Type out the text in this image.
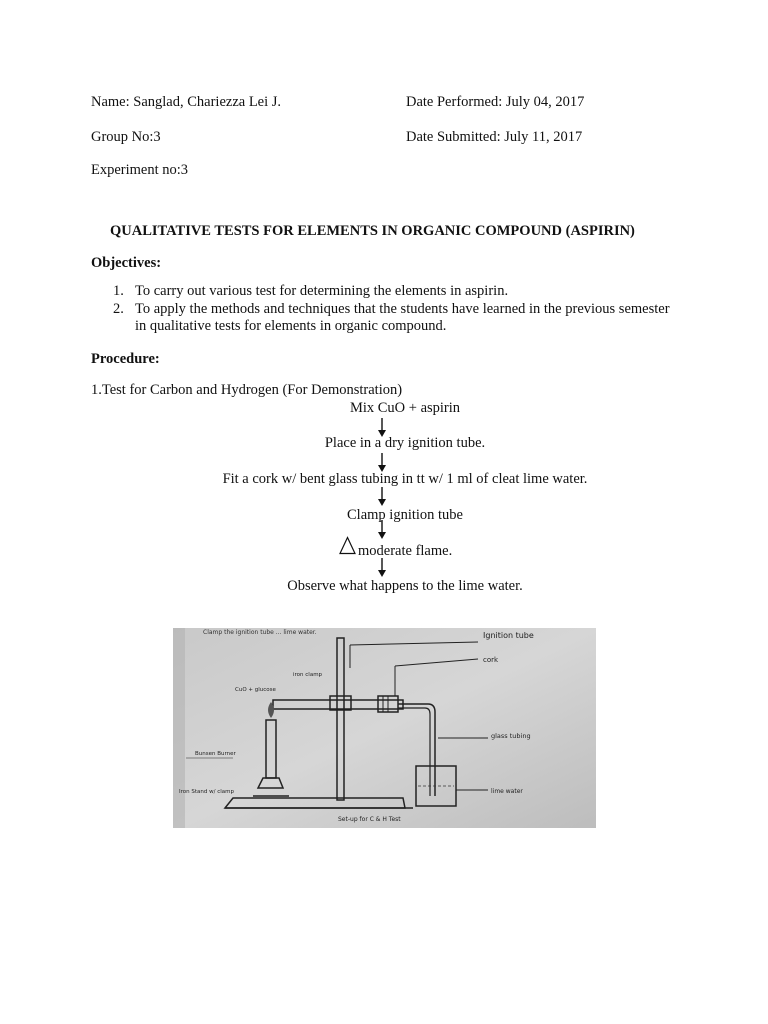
Name: Sanglad, Chariezza Lei J.	Date Performed: July 04, 2017
Group No:3	Date Submitted: July 11, 2017
Experiment no:3
QUALITATIVE TESTS FOR ELEMENTS IN ORGANIC COMPOUND (ASPIRIN)
Objectives:
1. To carry out various test for determining the elements in aspirin.
2. To apply the methods and techniques that the students have learned in the previous semester in qualitative tests for elements in organic compound.
Procedure:
1.Test for Carbon and Hydrogen (For Demonstration)
Mix CuO + aspirin
Place in a dry ignition tube.
Fit a cork w/ bent glass tubing in tt w/ 1 ml of cleat lime water.
Clamp ignition tube
moderate flame.
Observe what happens to the lime water.
Clamp the ignition tube ... lime water.	Ignition tube
cork
iron clamp
CuO + glucose
glass tubing
Bunsen Burner
Iron Stand w/ clamp	lime water
Set-up for C & H Test
